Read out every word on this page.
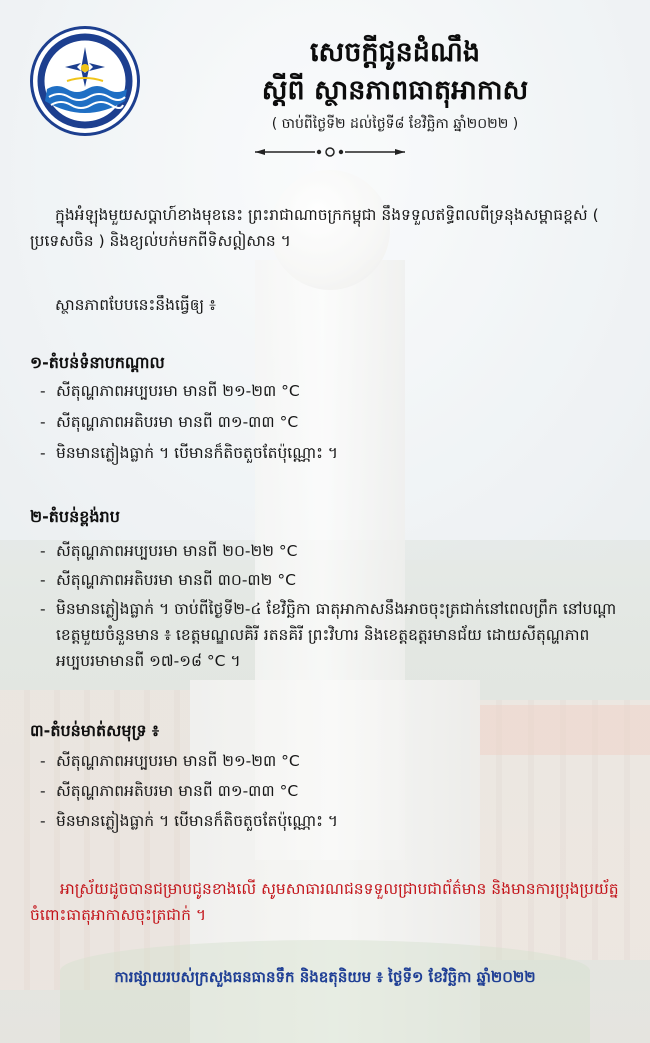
សេចក្តីជូនដំណឹង
ស្តីពី ស្ថានភាពធាតុអាកាស
( ចាប់ពីថ្ងៃទី២ ដល់ថ្ងៃទី៨ ខែវិច្ឆិកា ឆ្នាំ២០២២ )
ក្នុងអំឡុងមួយសប្តាហ៍ខាងមុខនេះ ព្រះរាជាណាចក្រកម្ពុជា នឹងទទួលឥទ្ធិពលពីទ្រនុងសម្ពាធខ្ពស់ ( ប្រទេសចិន ) និងខ្យល់បក់មកពីទិសឦសាន ។
ស្ថានភាពបែបនេះនឹងធ្វើឲ្យ ៖
១-តំបន់ទំនាបកណ្តាល
- សីតុណ្ហភាពអប្បបរមា មានពី ២១-២៣ °C
- សីតុណ្ហភាពអតិបរមា មានពី ៣១-៣៣ °C
- មិនមានភ្លៀងធ្លាក់ ។ បើមានក៏តិចតួចតែប៉ុណ្ណោះ ។
២-តំបន់ខ្ពង់រាប
- សីតុណ្ហភាពអប្បបរមា មានពី ២០-២២ °C
- សីតុណ្ហភាពអតិបរមា មានពី ៣០-៣២ °C
- មិនមានភ្លៀងធ្លាក់ ។ ចាប់ពីថ្ងៃទី២-៤ ខែវិច្ឆិកា ធាតុអាកាសនឹងអាចចុះត្រជាក់នៅពេលព្រឹក នៅបណ្តាខេត្តមួយចំនួនមាន ៖ ខេត្តមណ្ឌលគិរី រតនគិរី ព្រះវិហារ និងខេត្តឧត្តរមានជ័យ ដោយសីតុណ្ហភាពអប្បបរមាមានពី ១៧-១៨ °C ។
៣-តំបន់មាត់សមុទ្រ ៖
- សីតុណ្ហភាពអប្បបរមា មានពី ២១-២៣ °C
- សីតុណ្ហភាពអតិបរមា មានពី ៣១-៣៣ °C
- មិនមានភ្លៀងធ្លាក់ ។ បើមានក៏តិចតួចតែប៉ុណ្ណោះ ។
អាស្រ័យដូចបានជម្រាបជូនខាងលើ សូមសាធារណជនទទួលជ្រាបជាព័ត៌មាន និងមានការប្រុងប្រយ័ត្ន ចំពោះធាតុអាកាសចុះត្រជាក់ ។
ការផ្សាយរបស់ក្រសួងធនធានទឹក និងឧតុនិយម ៖ ថ្ងៃទី១ ខែវិច្ឆិកា ឆ្នាំ២០២២
